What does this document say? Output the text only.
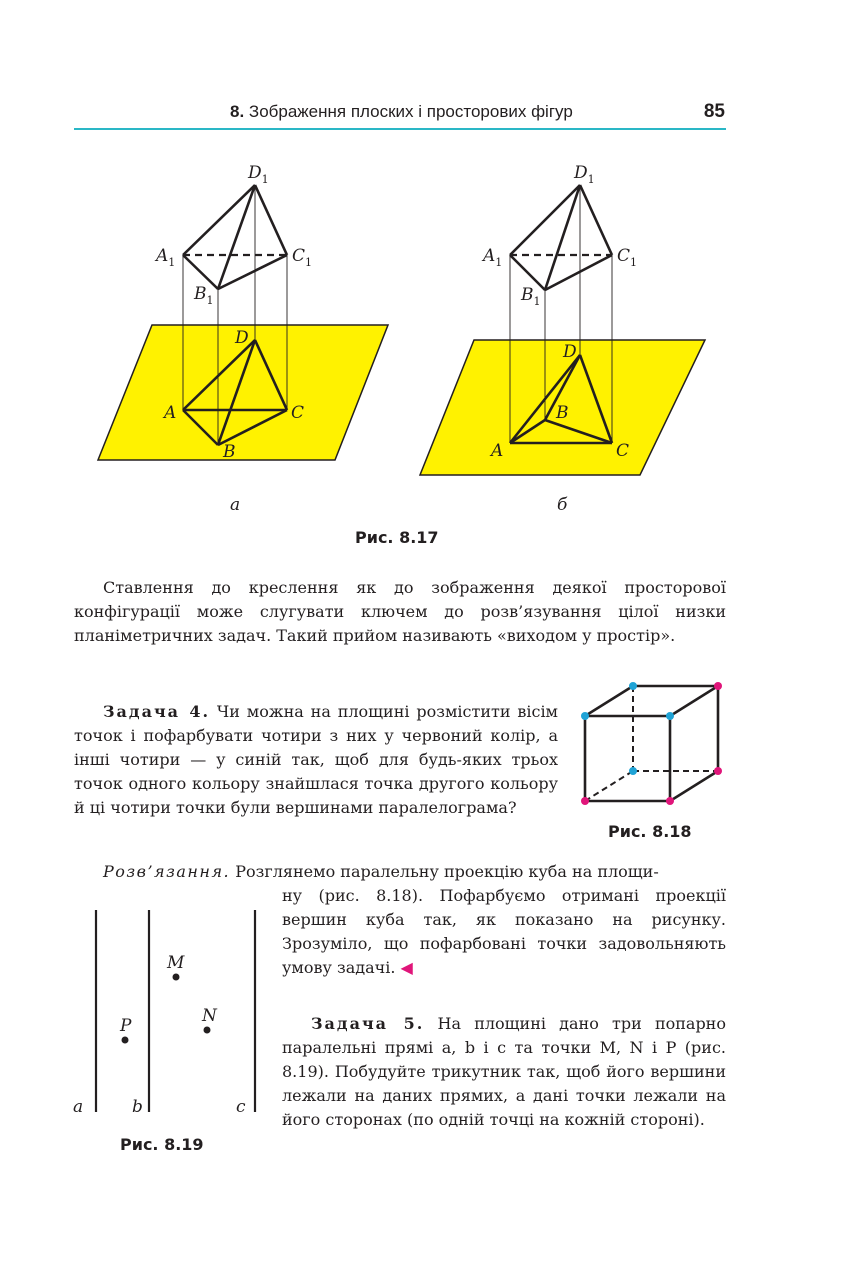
8. Зображення плоских і просторових фігур	85
$D_1$
$A_1$	$C_1$
$B_1$
D
A	C
B
$D_1$
$A_1$	$C_1$
$B_1$
D
A
B
C
а	б
Рис. 8.17
Ставлення до креслення як до зображення деякої просторової конфігурації може слугувати ключем до розв’язування цілої низки планіметричних задач. Такий прийом називають «виходом у простір».
Задача 4. Чи можна на площині розмістити вісім точок і пофарбувати чотири з них у червоний колір, а інші чотири — у синій так, щоб для будь-яких трьох точок одного кольору знайшлася точка другого кольору й ці чотири точки були вершинами паралелограма?
Рис. 8.18
Розв’язання. Розглянемо паралельну проекцію куба на площи-
ну (рис. 8.18). Пофарбуємо отримані проекції вершин куба так, як показано на рисунку. Зрозуміло, що пофарбовані точки задовольняють умову задачі. ◀
M
N
P
a	b	c
Рис. 8.19
Задача 5. На площині дано три попарно паралельні прямі a, b і c та точки M, N і P (рис. 8.19). Побудуйте трикутник так, щоб його вершини лежали на даних прямих, а дані точки лежали на його сторонах (по одній точці на кожній стороні).
